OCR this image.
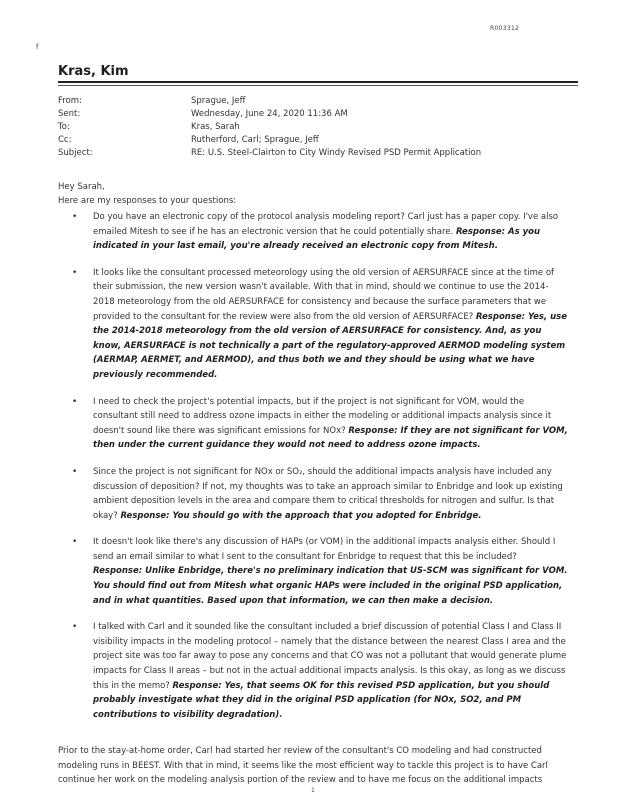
R003312
f
Kras, Kim
From:	Sprague, Jeff
Sent:	Wednesday, June 24, 2020 11:36 AM
To:	Kras, Sarah
Cc:	Rutherford, Carl; Sprague, Jeff
Subject:	RE: U.S. Steel-Clairton to City Windy Revised PSD Permit Application
Hey Sarah,
Here are my responses to your questions:
• Do you have an electronic copy of the protocol analysis modeling report? Carl just has a paper copy. I've also emailed Mitesh to see if he has an electronic version that he could potentially share. Response: As you indicated in your last email, you're already received an electronic copy from Mitesh.
• It looks like the consultant processed meteorology using the old version of AERSURFACE since at the time of their submission, the new version wasn't available. With that in mind, should we continue to use the 2014-2018 meteorology from the old AERSURFACE for consistency and because the surface parameters that we provided to the consultant for the review were also from the old version of AERSURFACE? Response: Yes, use the 2014-2018 meteorology from the old version of AERSURFACE for consistency. And, as you know, AERSURFACE is not technically a part of the regulatory-approved AERMOD modeling system (AERMAP, AERMET, and AERMOD), and thus both we and they should be using what we have previously recommended.
• I need to check the project's potential impacts, but if the project is not significant for VOM, would the consultant still need to address ozone impacts in either the modeling or additional impacts analysis since it doesn't sound like there was significant emissions for NOx? Response: If they are not significant for VOM, then under the current guidance they would not need to address ozone impacts.
• Since the project is not significant for NOx or SO₂, should the additional impacts analysis have included any discussion of deposition? If not, my thoughts was to take an approach similar to Enbridge and look up existing ambient deposition levels in the area and compare them to critical thresholds for nitrogen and sulfur. Is that okay? Response: You should go with the approach that you adopted for Enbridge.
• It doesn't look like there's any discussion of HAPs (or VOM) in the additional impacts analysis either. Should I send an email similar to what I sent to the consultant for Enbridge to request that this be included? Response: Unlike Enbridge, there's no preliminary indication that US-SCM was significant for VOM. You should find out from Mitesh what organic HAPs were included in the original PSD application, and in what quantities. Based upon that information, we can then make a decision.
• I talked with Carl and it sounded like the consultant included a brief discussion of potential Class I and Class II visibility impacts in the modeling protocol – namely that the distance between the nearest Class I area and the project site was too far away to pose any concerns and that CO was not a pollutant that would generate plume impacts for Class II areas – but not in the actual additional impacts analysis. Is this okay, as long as we discuss this in the memo? Response: Yes, that seems OK for this revised PSD application, but you should probably investigate what they did in the original PSD application (for NOx, SO2, and PM contributions to visibility degradation).
Prior to the stay-at-home order, Carl had started her review of the consultant's CO modeling and had constructed modeling runs in BEEST. With that in mind, it seems like the most efficient way to tackle this project is to have Carl continue her work on the modeling analysis portion of the review and to have me focus on the additional impacts
1
